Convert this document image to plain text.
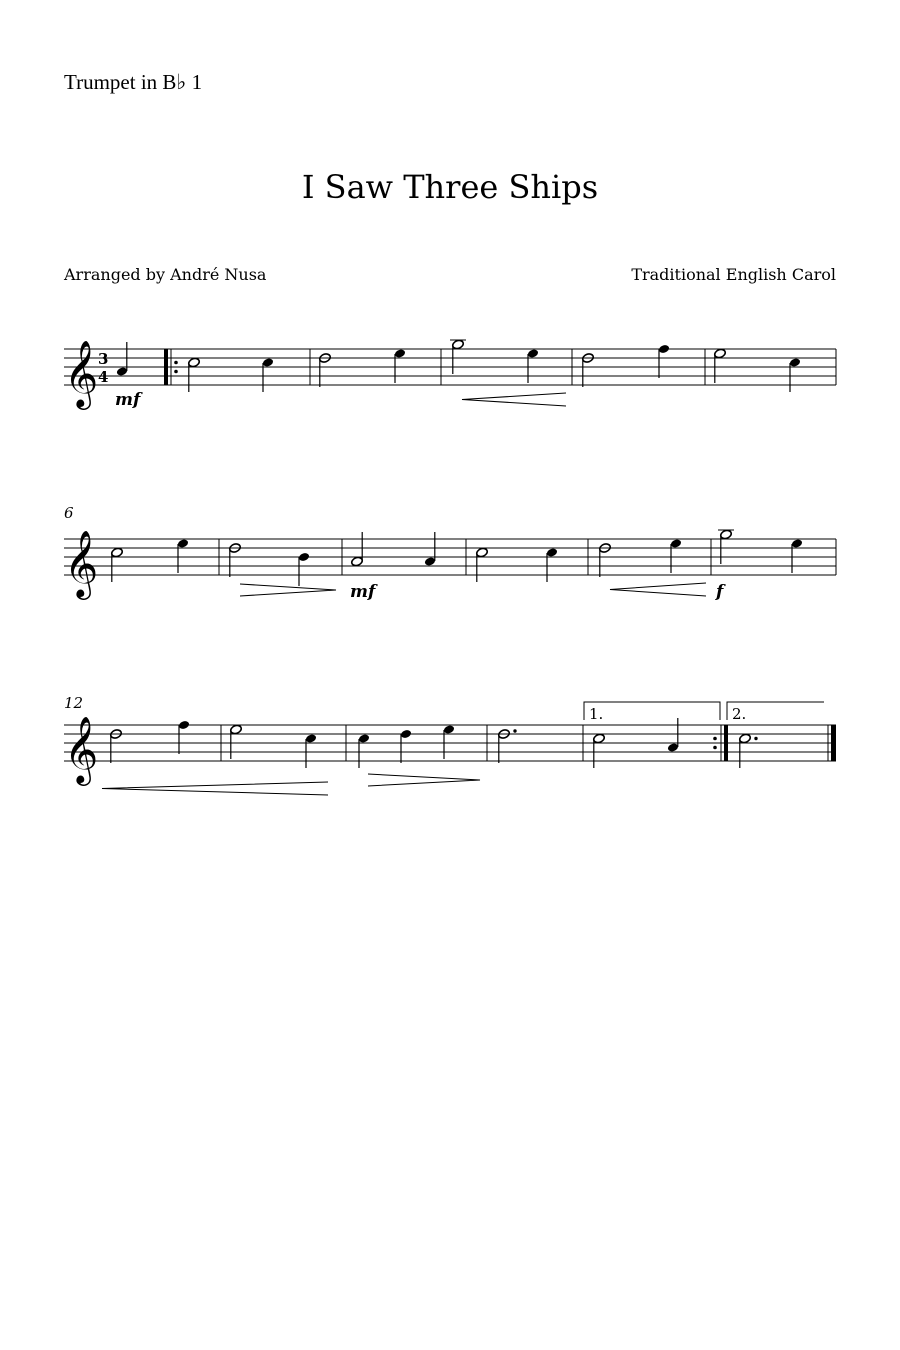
Trumpet in B♭ 1
I Saw Three Ships
Arranged by André Nusa	Traditional English Carol
𝄞 3
4
mf
6
𝄞	mf	f
12
𝄞
1.	2.
